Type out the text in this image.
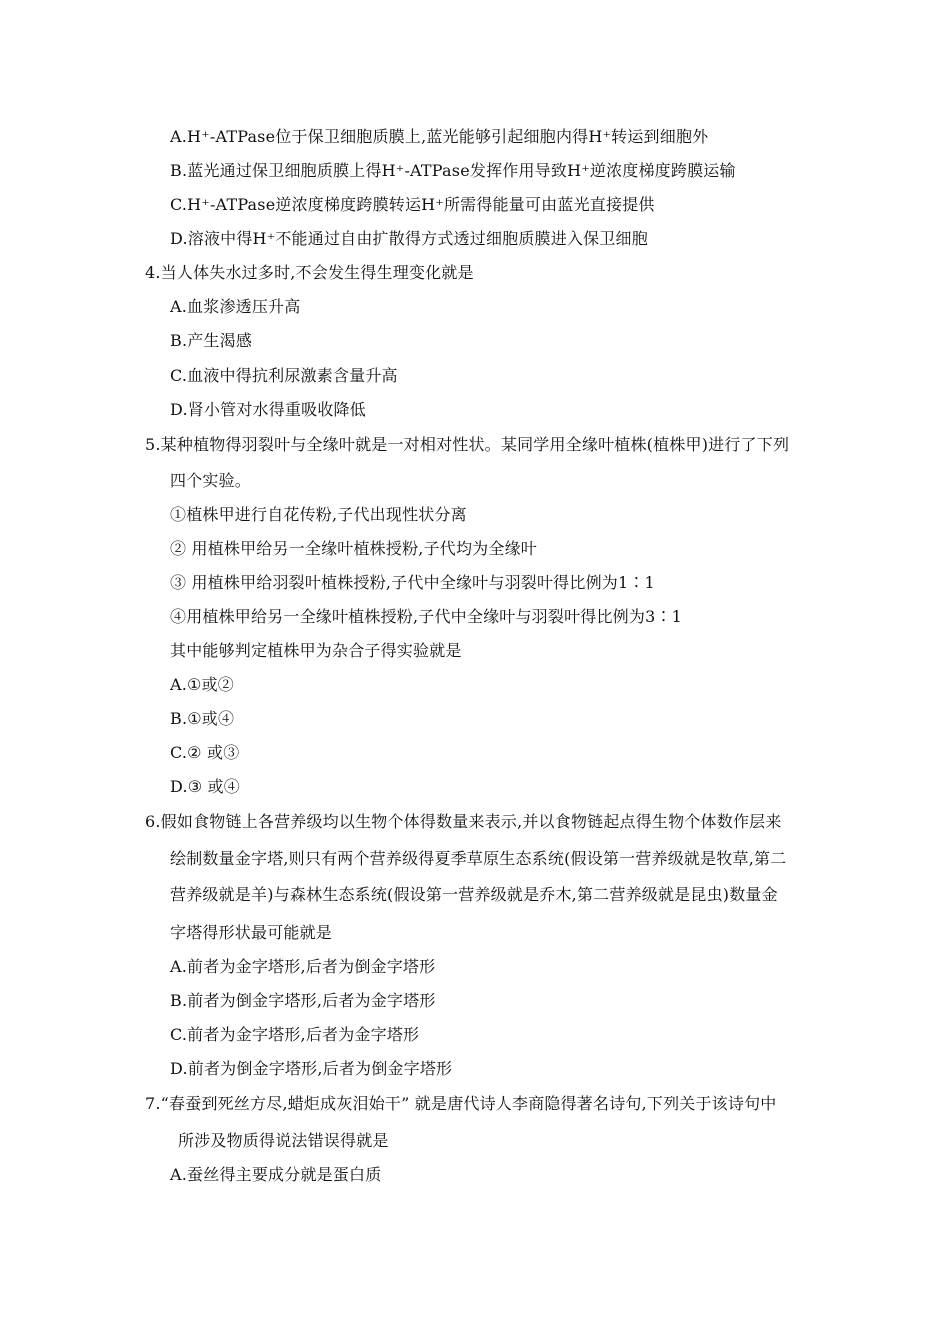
A.H⁺-ATPase位于保卫细胞质膜上,蓝光能够引起细胞内得H⁺转运到细胞外
B.蓝光通过保卫细胞质膜上得H⁺-ATPase发挥作用导致H⁺逆浓度梯度跨膜运输
C.H⁺-ATPase逆浓度梯度跨膜转运H⁺所需得能量可由蓝光直接提供
D.溶液中得H⁺不能通过自由扩散得方式透过细胞质膜进入保卫细胞
4.当人体失水过多时,不会发生得生理变化就是
A.血浆渗透压升高
B.产生渴感
C.血液中得抗利尿激素含量升高
D.肾小管对水得重吸收降低
5.某种植物得羽裂叶与全缘叶就是一对相对性状。某同学用全缘叶植株(植株甲)进行了下列
四个实验。
①植株甲进行自花传粉,子代出现性状分离
② 用植株甲给另一全缘叶植株授粉,子代均为全缘叶
③ 用植株甲给羽裂叶植株授粉,子代中全缘叶与羽裂叶得比例为1∶1
④用植株甲给另一全缘叶植株授粉,子代中全缘叶与羽裂叶得比例为3∶1
其中能够判定植株甲为杂合子得实验就是
A.①或②
B.①或④
C.② 或③
D.③ 或④
6.假如食物链上各营养级均以生物个体得数量来表示,并以食物链起点得生物个体数作层来
绘制数量金字塔,则只有两个营养级得夏季草原生态系统(假设第一营养级就是牧草,第二
营养级就是羊)与森林生态系统(假设第一营养级就是乔木,第二营养级就是昆虫)数量金
字塔得形状最可能就是
A.前者为金字塔形,后者为倒金字塔形
B.前者为倒金字塔形,后者为金字塔形
C.前者为金字塔形,后者为金字塔形
D.前者为倒金字塔形,后者为倒金字塔形
7.“春蚕到死丝方尽,蜡炬成灰泪始干” 就是唐代诗人李商隐得著名诗句,下列关于该诗句中
所涉及物质得说法错误得就是
A.蚕丝得主要成分就是蛋白质
